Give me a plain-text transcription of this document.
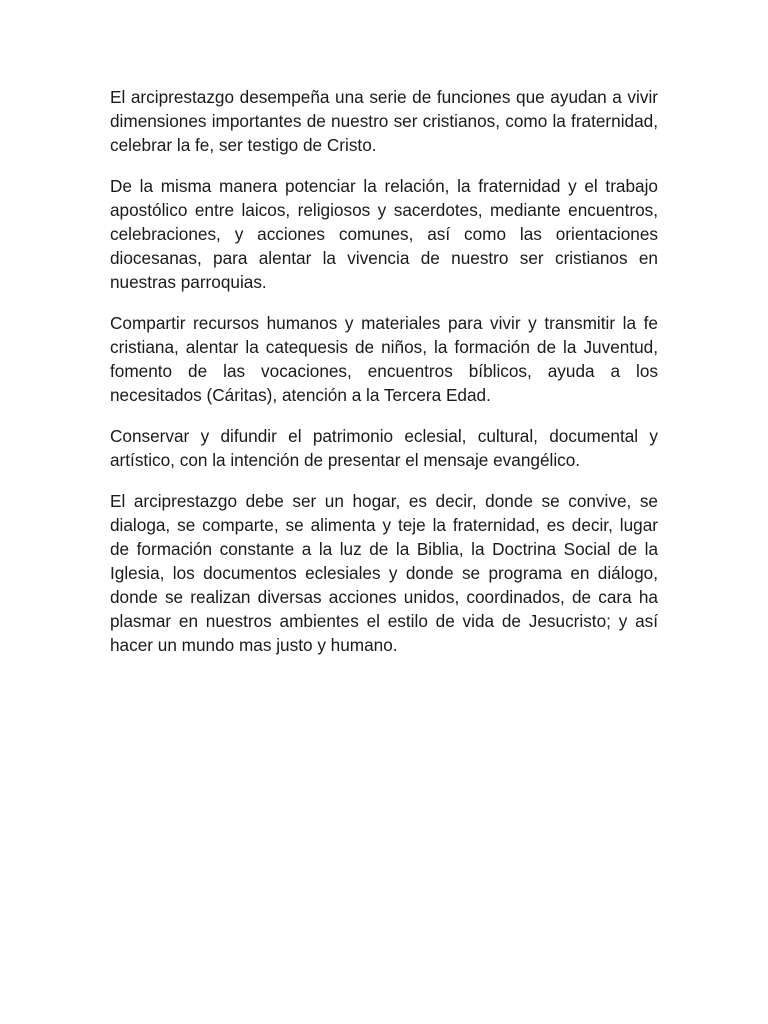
El arciprestazgo desempeña una serie de funciones que ayudan a vivir dimensiones importantes de nuestro ser cristianos, como la fraternidad, celebrar la fe, ser testigo de Cristo.

De la misma manera potenciar la relación, la fraternidad y el trabajo apostólico entre laicos, religiosos y sacerdotes, mediante encuentros, celebraciones, y acciones comunes, así como las orientaciones diocesanas, para alentar la vivencia de nuestro ser cristianos en nuestras parroquias.

Compartir recursos humanos y materiales para vivir y transmitir la fe cristiana, alentar la catequesis de niños, la formación de la Juventud, fomento de las vocaciones, encuentros bíblicos, ayuda a los necesitados (Cáritas), atención a la Tercera Edad.

Conservar y difundir el patrimonio eclesial, cultural, documental y artístico, con la intención de presentar el mensaje evangélico.

El arciprestazgo debe ser un hogar, es decir, donde se convive, se dialoga, se comparte, se alimenta y teje la fraternidad, es decir, lugar de formación constante a la luz de la Biblia, la Doctrina Social de la Iglesia, los documentos eclesiales y donde se programa en diálogo, donde se realizan diversas acciones unidos, coordinados, de cara ha plasmar en nuestros ambientes el estilo de vida de Jesucristo; y así hacer un mundo mas justo y humano.
